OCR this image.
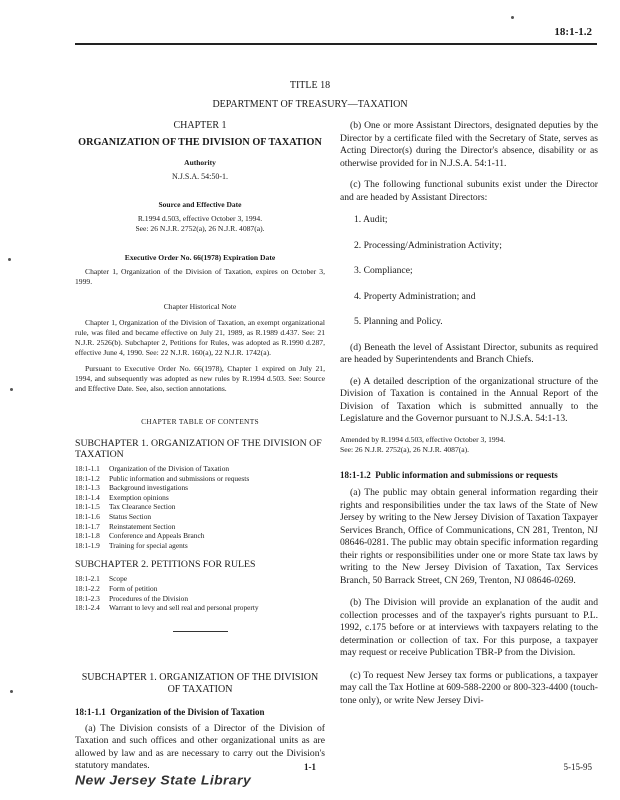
18:1-1.2
TITLE 18
DEPARTMENT OF TREASURY—TAXATION
CHAPTER 1
ORGANIZATION OF THE DIVISION OF TAXATION
Authority
N.J.S.A. 54:50-1.
Source and Effective Date
R.1994 d.503, effective October 3, 1994.
See: 26 N.J.R. 2752(a), 26 N.J.R. 4087(a).
Executive Order No. 66(1978) Expiration Date
Chapter 1, Organization of the Division of Taxation, expires on October 3, 1999.
Chapter Historical Note
Chapter 1, Organization of the Division of Taxation, an exempt organizational rule, was filed and became effective on July 21, 1989, as R.1989 d.437. See: 21 N.J.R. 2526(b). Subchapter 2, Petitions for Rules, was adopted as R.1990 d.287, effective June 4, 1990. See: 22 N.J.R. 160(a), 22 N.J.R. 1742(a).
Pursuant to Executive Order No. 66(1978), Chapter 1 expired on July 21, 1994, and subsequently was adopted as new rules by R.1994 d.503. See: Source and Effective Date. See, also, section annotations.
CHAPTER TABLE OF CONTENTS
SUBCHAPTER 1. ORGANIZATION OF THE DIVISION OF TAXATION
18:1-1.1	Organization of the Division of Taxation
18:1-1.2	Public information and submissions or requests
18:1-1.3	Background investigations
18:1-1.4	Exemption opinions
18:1-1.5	Tax Clearance Section
18:1-1.6	Status Section
18:1-1.7	Reinstatement Section
18:1-1.8	Conference and Appeals Branch
18:1-1.9	Training for special agents
SUBCHAPTER 2. PETITIONS FOR RULES
18:1-2.1	Scope
18:1-2.2	Form of petition
18:1-2.3	Procedures of the Division
18:1-2.4	Warrant to levy and sell real and personal property
SUBCHAPTER 1. ORGANIZATION OF THE DIVISION OF TAXATION
18:1-1.1 Organization of the Division of Taxation

(a) The Division consists of a Director of the Division of Taxation and such offices and other organizational units as are allowed by law and as are necessary to carry out the Division's statutory mandates.

(b) One or more Assistant Directors, designated deputies by the Director by a certificate filed with the Secretary of State, serves as Acting Director(s) during the Director's absence, disability or as otherwise provided for in N.J.S.A. 54:1-11.

(c) The following functional subunits exist under the Director and are headed by Assistant Directors:

1. Audit;
2. Processing/Administration Activity;
3. Compliance;
4. Property Administration; and
5. Planning and Policy.

(d) Beneath the level of Assistant Director, subunits as required are headed by Superintendents and Branch Chiefs.

(e) A detailed description of the organizational structure of the Division of Taxation is contained in the Annual Report of the Division of Taxation which is submitted annually to the Legislature and the Governor pursuant to N.J.S.A. 54:1-13.

Amended by R.1994 d.503, effective October 3, 1994.
See: 26 N.J.R. 2752(a), 26 N.J.R. 4087(a).
18:1-1.2 Public information and submissions or requests

(a) The public may obtain general information regarding their rights and responsibilities under the tax laws of the State of New Jersey by writing to the New Jersey Division of Taxation Taxpayer Services Branch, Office of Communications, CN 281, Trenton, NJ 08646-0281. The public may obtain specific information regarding their rights or responsibilities under one or more State tax laws by writing to the New Jersey Division of Taxation, Tax Services Branch, 50 Barrack Street, CN 269, Trenton, NJ 08646-0269.

(b) The Division will provide an explanation of the audit and collection processes and of the taxpayer's rights pursuant to P.L. 1992, c.175 before or at interviews with taxpayers relating to the determination or collection of tax. For this purpose, a taxpayer may request or receive Publication TBR-P from the Division.

(c) To request New Jersey tax forms or publications, a taxpayer may call the Tax Hotline at 609-588-2200 or 800-323-4400 (touch-tone only), or write New Jersey Divi-

1-1	5-15-95
New Jersey State Library
